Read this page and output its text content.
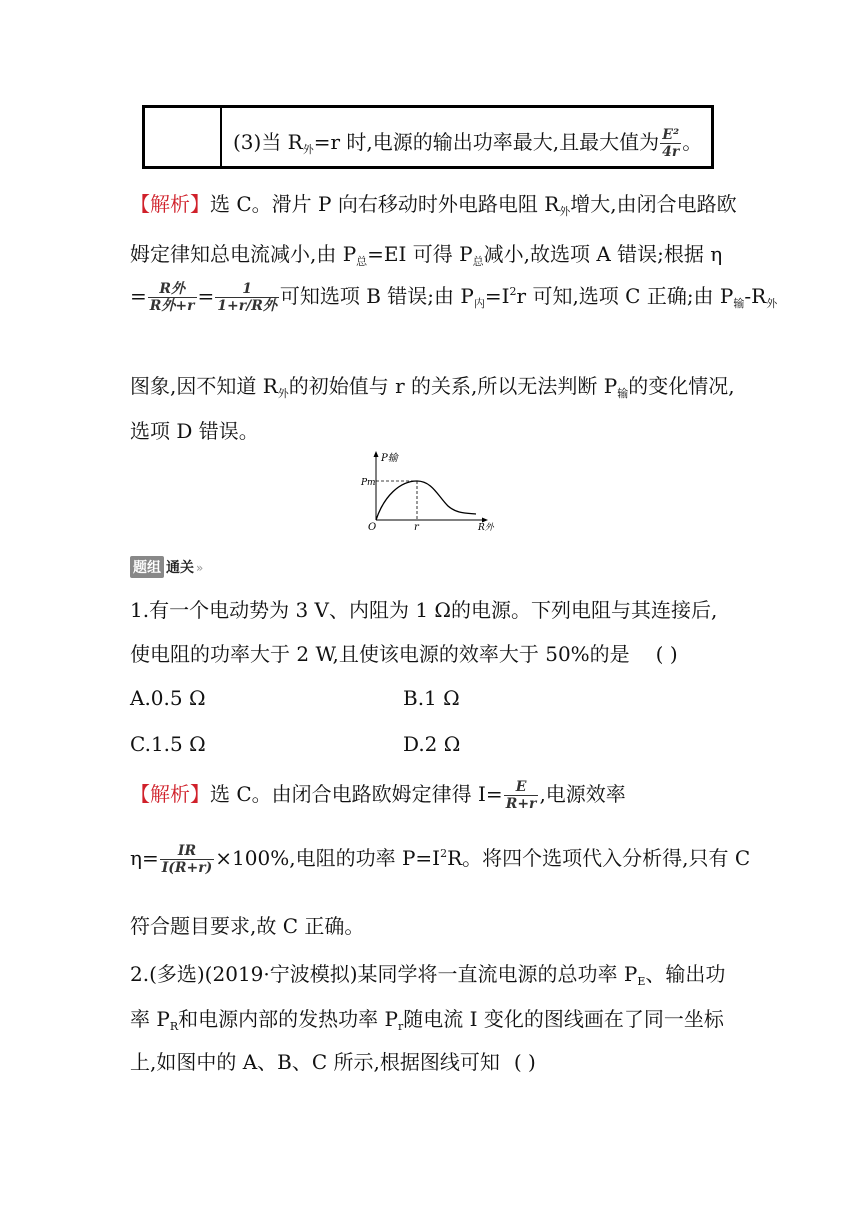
(3)当 $R_外=r$ 时,电源的输出功率最大,且最大值为 $\frac{\text{E²}}{4r}$ 。
【解析】选 C。滑片 P 向右移动时外电路电阻 $R_外$增大,由闭合电路欧
姆定律知总电流减小,由 $P_总=EI$ 可得 $P_总$减小,故选项 A 错误;根据 η
= $\frac{\text{R外}}{\text{R外+r}} = \frac{1}{\text{1+r/R外}}$ 可知选项 B 错误;由 $P_内=I^2r$ 可知,选项 C 正确;由 $P_输-R_外$
图象,因不知道 $R_外$的初始值与 r 的关系,所以无法判断 $P_输$的变化情况,
选项 D 错误。
P输
Pm
O	r	R外
题组 通关 »
1.有一个电动势为 3 V、内阻为 1 Ω的电源。下列电阻与其连接后,
使电阻的功率大于 2 W,且使该电源的效率大于 50%的是 ( )
A.0.5 Ω	B.1 Ω
C.1.5 Ω	D.2 Ω
【解析】选 C。由闭合电路欧姆定律得 $I= \frac{E}{R+r}$ ,电源效率
$\eta= \frac{IR}{I(R+r)} \times 100\%$,电阻的功率 $P=I^2R$。将四个选项代入分析得,只有 C
符合题目要求,故 C 正确。
2.(多选)(2019·宁波模拟)某同学将一直流电源的总功率 $P_E$、输出功
率 $P_R$和电源内部的发热功率 $P_r$随电流 I 变化的图线画在了同一坐标
上,如图中的 A、B、C 所示,根据图线可知 ( )
